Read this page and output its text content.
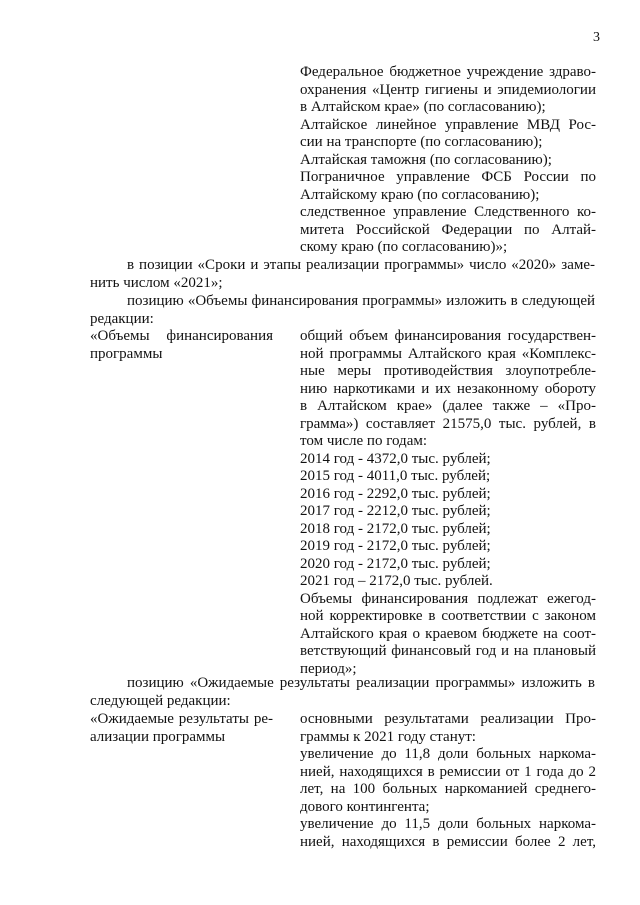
3
Федеральное бюджетное учреждение здраво-
охранения «Центр гигиены и эпидемиологии
в Алтайском крае» (по согласованию);
Алтайское линейное управление МВД Рос-
сии на транспорте (по согласованию);
Алтайская таможня (по согласованию);
Пограничное управление ФСБ России по
Алтайскому краю (по согласованию);
следственное управление Следственного ко-
митета Российской Федерации по Алтай-
скому краю (по согласованию)»;
в позиции «Сроки и этапы реализации программы» число «2020» заме-
нить числом «2021»;
позицию «Объемы финансирования программы» изложить в следующей
редакции:
«Объемы финансирования
программы
общий объем финансирования государствен-
ной программы Алтайского края «Комплекс-
ные меры противодействия злоупотребле-
нию наркотиками и их незаконному обороту
в Алтайском крае» (далее также – «Про-
грамма») составляет 21575,0 тыс. рублей, в
том числе по годам:
2014 год - 4372,0 тыс. рублей;
2015 год - 4011,0 тыс. рублей;
2016 год - 2292,0 тыс. рублей;
2017 год - 2212,0 тыс. рублей;
2018 год - 2172,0 тыс. рублей;
2019 год - 2172,0 тыс. рублей;
2020 год - 2172,0 тыс. рублей;
2021 год – 2172,0 тыс. рублей.
Объемы финансирования подлежат ежегод-
ной корректировке в соответствии с законом
Алтайского края о краевом бюджете на соот-
ветствующий финансовый год и на плановый
период»;
позицию «Ожидаемые результаты реализации программы» изложить в
следующей редакции:
«Ожидаемые результаты ре-
ализации программы
основными результатами реализации Про-
граммы к 2021 году станут:
увеличение до 11,8 доли больных наркома-
нией, находящихся в ремиссии от 1 года до 2
лет, на 100 больных наркоманией среднего-
дового контингента;
увеличение до 11,5 доли больных наркома-
нией, находящихся в ремиссии более 2 лет,
